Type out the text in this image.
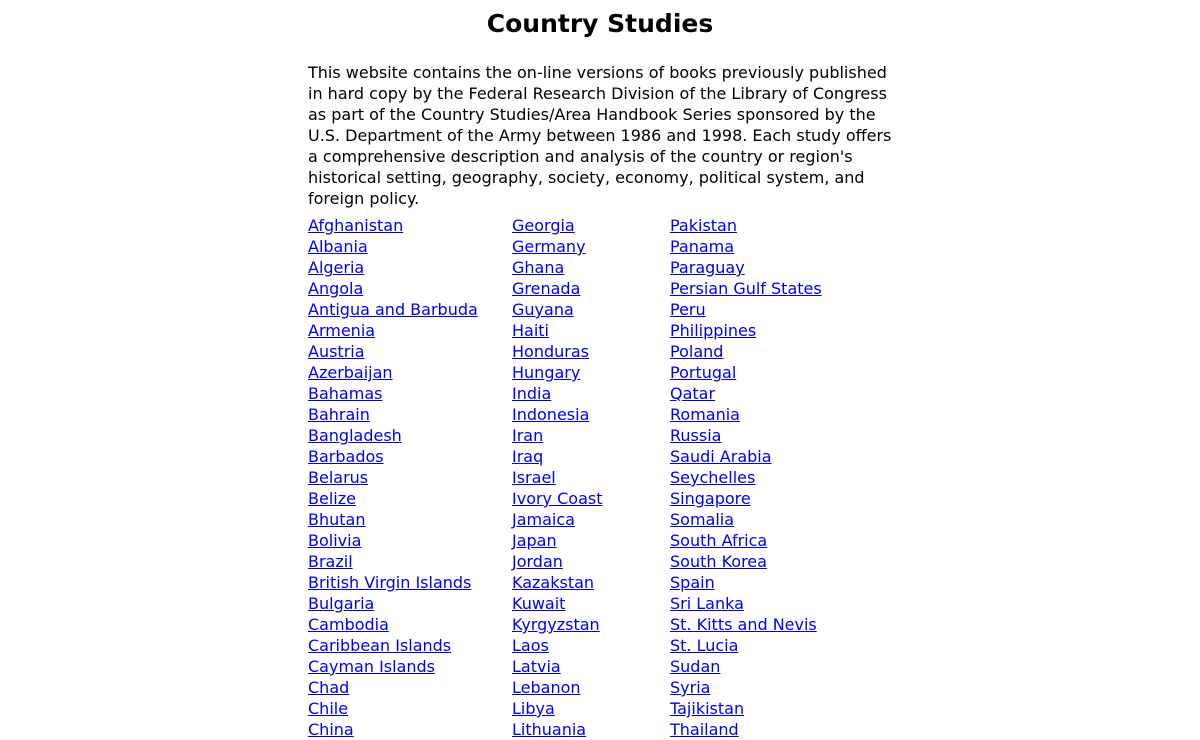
Country Studies

This website contains the on-line versions of books previously published in hard copy by the Federal Research Division of the Library of Congress as part of the Country Studies/Area Handbook Series sponsored by the U.S. Department of the Army between 1986 and 1998. Each study offers a comprehensive description and analysis of the country or region's historical setting, geography, society, economy, political system, and foreign policy.

Afghanistan
Albania
Algeria
Angola
Antigua and Barbuda
Armenia
Austria
Azerbaijan
Bahamas
Bahrain
Bangladesh
Barbados
Belarus
Belize
Bhutan
Bolivia
Brazil
British Virgin Islands
Bulgaria
Cambodia
Caribbean Islands
Cayman Islands
Chad
Chile
China
Georgia
Germany
Ghana
Grenada
Guyana
Haiti
Honduras
Hungary
India
Indonesia
Iran
Iraq
Israel
Ivory Coast
Jamaica
Japan
Jordan
Kazakstan
Kuwait
Kyrgyzstan
Laos
Latvia
Lebanon
Libya
Lithuania
Pakistan
Panama
Paraguay
Persian Gulf States
Peru
Philippines
Poland
Portugal
Qatar
Romania
Russia
Saudi Arabia
Seychelles
Singapore
Somalia
South Africa
South Korea
Spain
Sri Lanka
St. Kitts and Nevis
St. Lucia
Sudan
Syria
Tajikistan
Thailand
